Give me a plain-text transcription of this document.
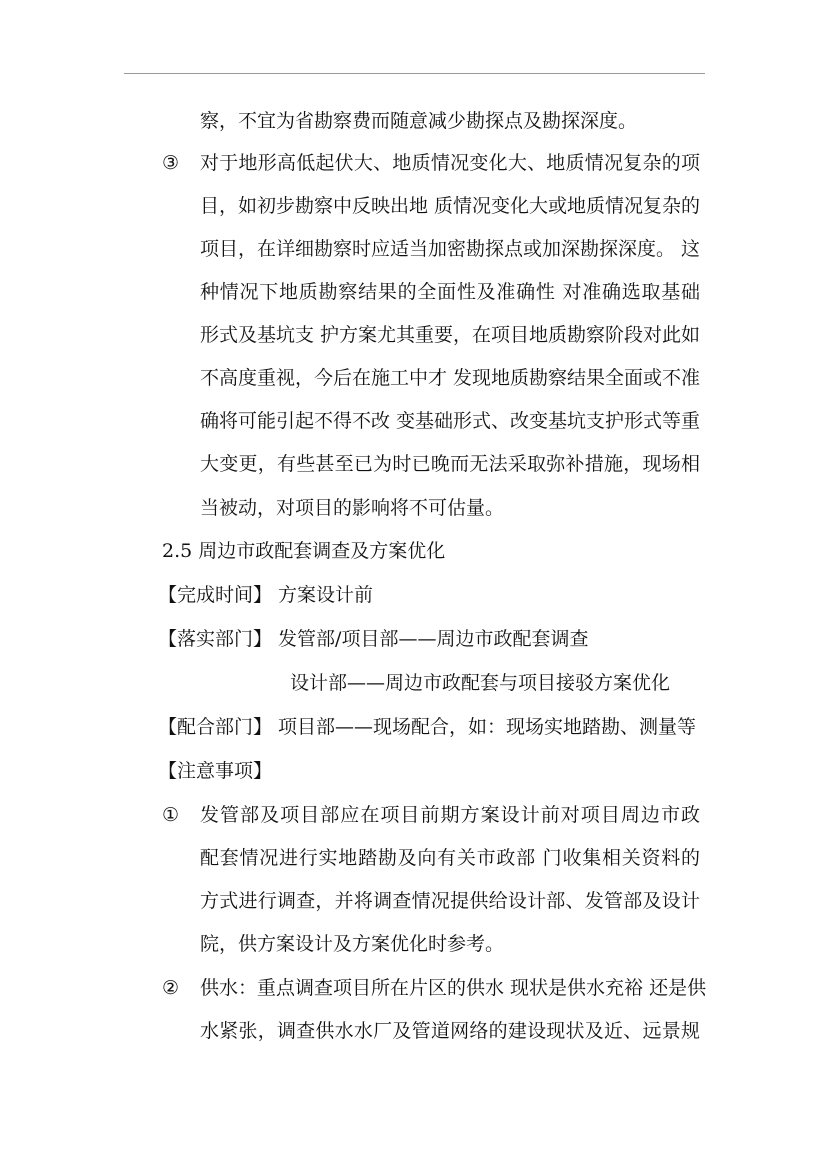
察，不宜为省勘察费而随意减少勘探点及勘探深度。
③ 对于地形高低起伏大、地质情况变化大、地质情况复杂的项
目，如初步勘察中反映出地 质情况变化大或地质情况复杂的
项目，在详细勘察时应适当加密勘探点或加深勘探深度。 这
种情况下地质勘察结果的全面性及准确性 对准确选取基础
形式及基坑支 护方案尤其重要，在项目地质勘察阶段对此如
不高度重视，今后在施工中才 发现地质勘察结果全面或不准
确将可能引起不得不改 变基础形式、改变基坑支护形式等重
大变更，有些甚至已为时已晚而无法采取弥补措施，现场相
当被动，对项目的影响将不可估量。
2.5 周边市政配套调查及方案优化
【完成时间】 方案设计前
【落实部门】 发管部/项目部——周边市政配套调查
设计部——周边市政配套与项目接驳方案优化
【配合部门】 项目部——现场配合，如：现场实地踏勘、测量等
【注意事项】
① 发管部及项目部应在项目前期方案设计前对项目周边市政
配套情况进行实地踏勘及向有关市政部 门收集相关资料的
方式进行调查，并将调查情况提供给设计部、发管部及设计
院，供方案设计及方案优化时参考。
② 供水：重点调查项目所在片区的供水 现状是供水充裕 还是供
水紧张，调查供水水厂及管道网络的建设现状及近、远景规
